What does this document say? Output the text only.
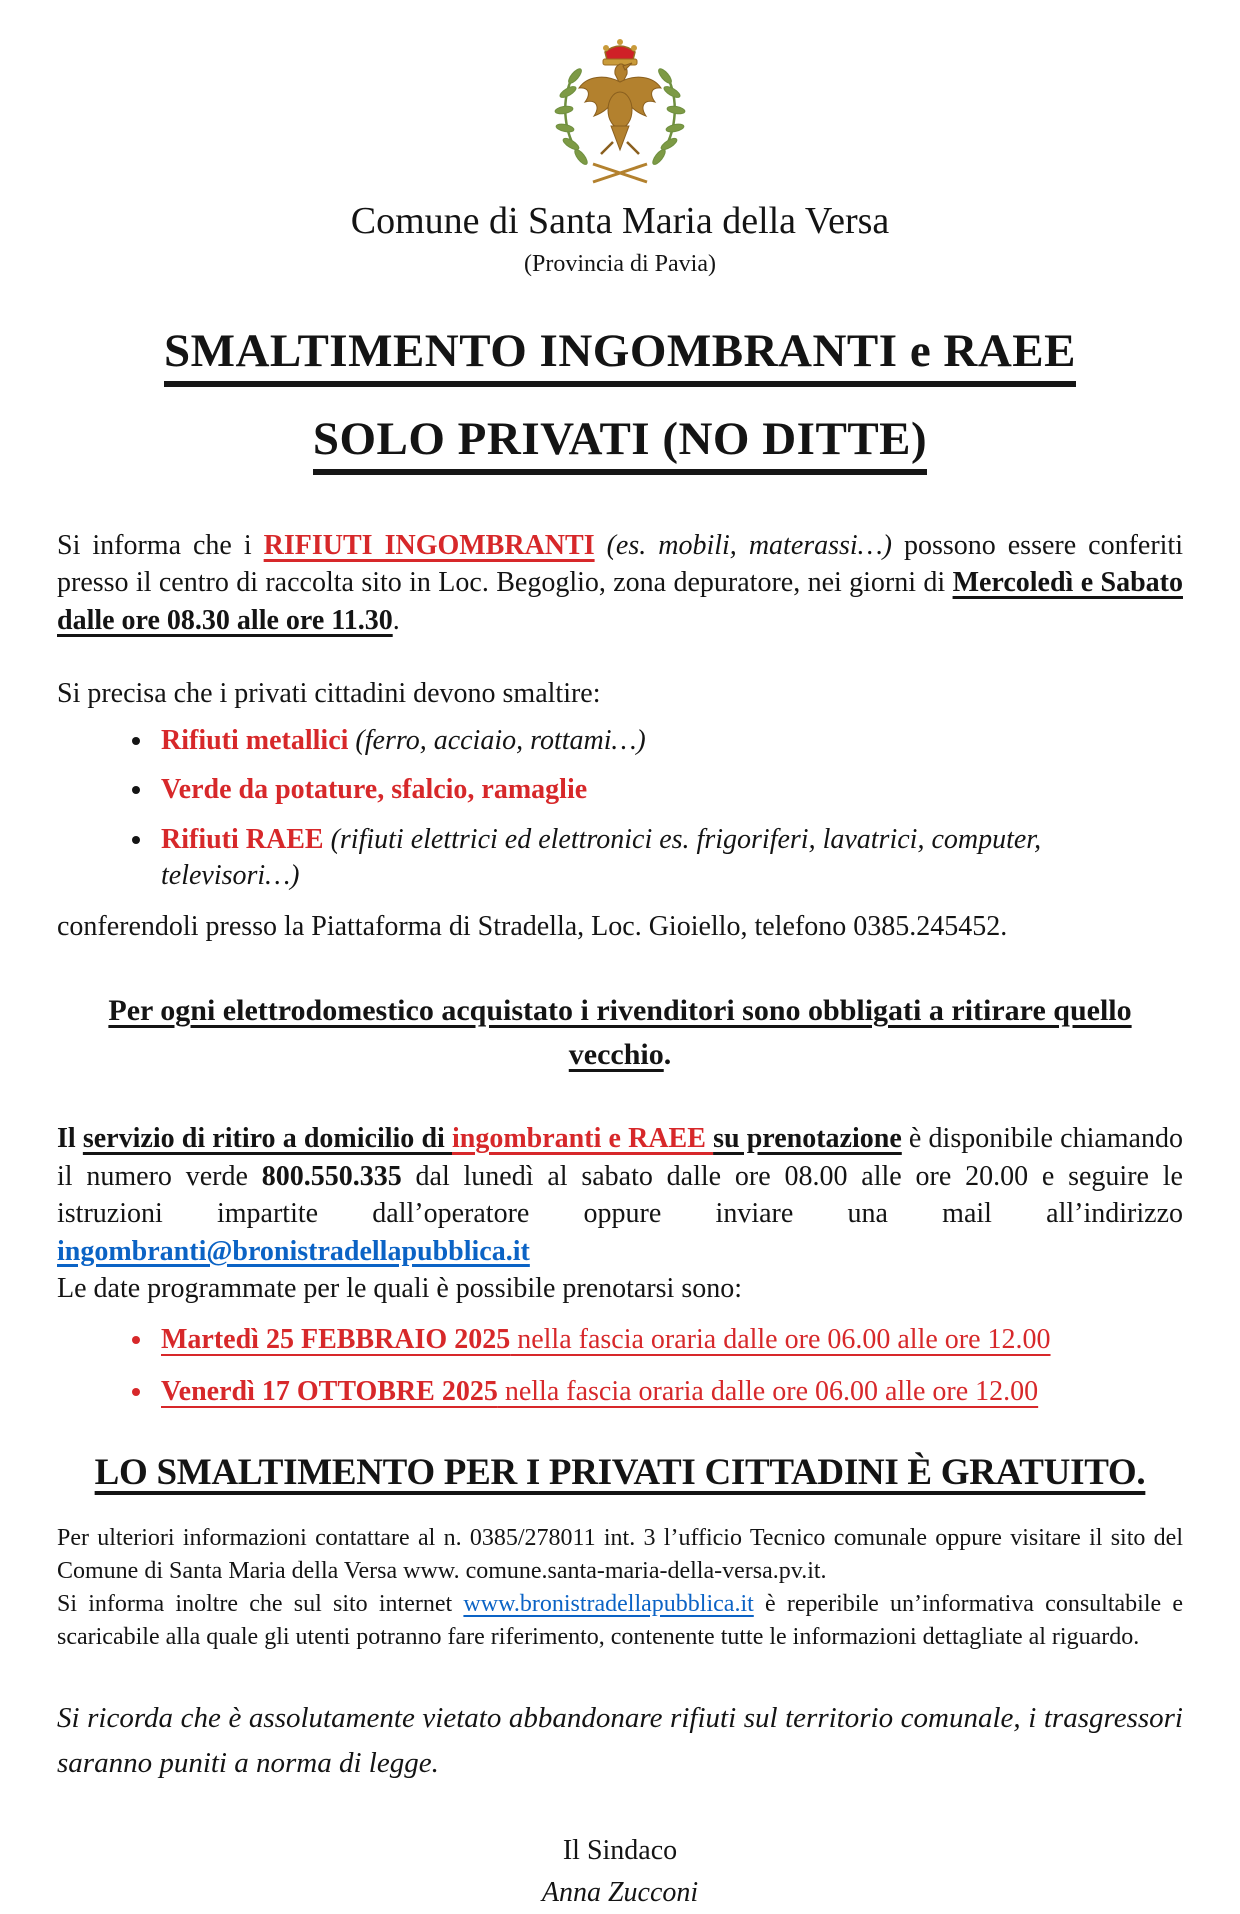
Comune di Santa Maria della Versa
(Provincia di Pavia)
SMALTIMENTO INGOMBRANTI e RAEE
SOLO PRIVATI (NO DITTE)

Si informa che i RIFIUTI INGOMBRANTI (es. mobili, materassi…) possono essere conferiti presso il centro di raccolta sito in Loc. Begoglio, zona depuratore, nei giorni di Mercoledì e Sabato dalle ore 08.30 alle ore 11.30.

Si precisa che i privati cittadini devono smaltire:

• Rifiuti metallici (ferro, acciaio, rottami…)
• Verde da potature, sfalcio, ramaglie
• Rifiuti RAEE (rifiuti elettrici ed elettronici es. frigoriferi, lavatrici, computer, televisori…)

conferendoli presso la Piattaforma di Stradella, Loc. Gioiello, telefono 0385.245452.

Per ogni elettrodomestico acquistato i rivenditori sono obbligati a ritirare quello vecchio.

Il servizio di ritiro a domicilio di ingombranti e RAEE su prenotazione è disponibile chiamando il numero verde 800.550.335 dal lunedì al sabato dalle ore 08.00 alle ore 20.00 e seguire le istruzioni impartite dall’operatore oppure inviare una mail all’indirizzo ingombranti@bronistradellapubblica.it

Le date programmate per le quali è possibile prenotarsi sono:

• Martedì 25 FEBBRAIO 2025 nella fascia oraria dalle ore 06.00 alle ore 12.00
• Venerdì 17 OTTOBRE 2025 nella fascia oraria dalle ore 06.00 alle ore 12.00

LO SMALTIMENTO PER I PRIVATI CITTADINI È GRATUITO.

Per ulteriori informazioni contattare al n. 0385/278011 int. 3 l’ufficio Tecnico comunale oppure visitare il sito del Comune di Santa Maria della Versa www. comune.santa-maria-della-versa.pv.it.
Si informa inoltre che sul sito internet www.bronistradellapubblica.it è reperibile un’informativa consultabile e scaricabile alla quale gli utenti potranno fare riferimento, contenente tutte le informazioni dettagliate al riguardo.

Si ricorda che è assolutamente vietato abbandonare rifiuti sul territorio comunale, i trasgressori saranno puniti a norma di legge.

Il Sindaco
Anna Zucconi
